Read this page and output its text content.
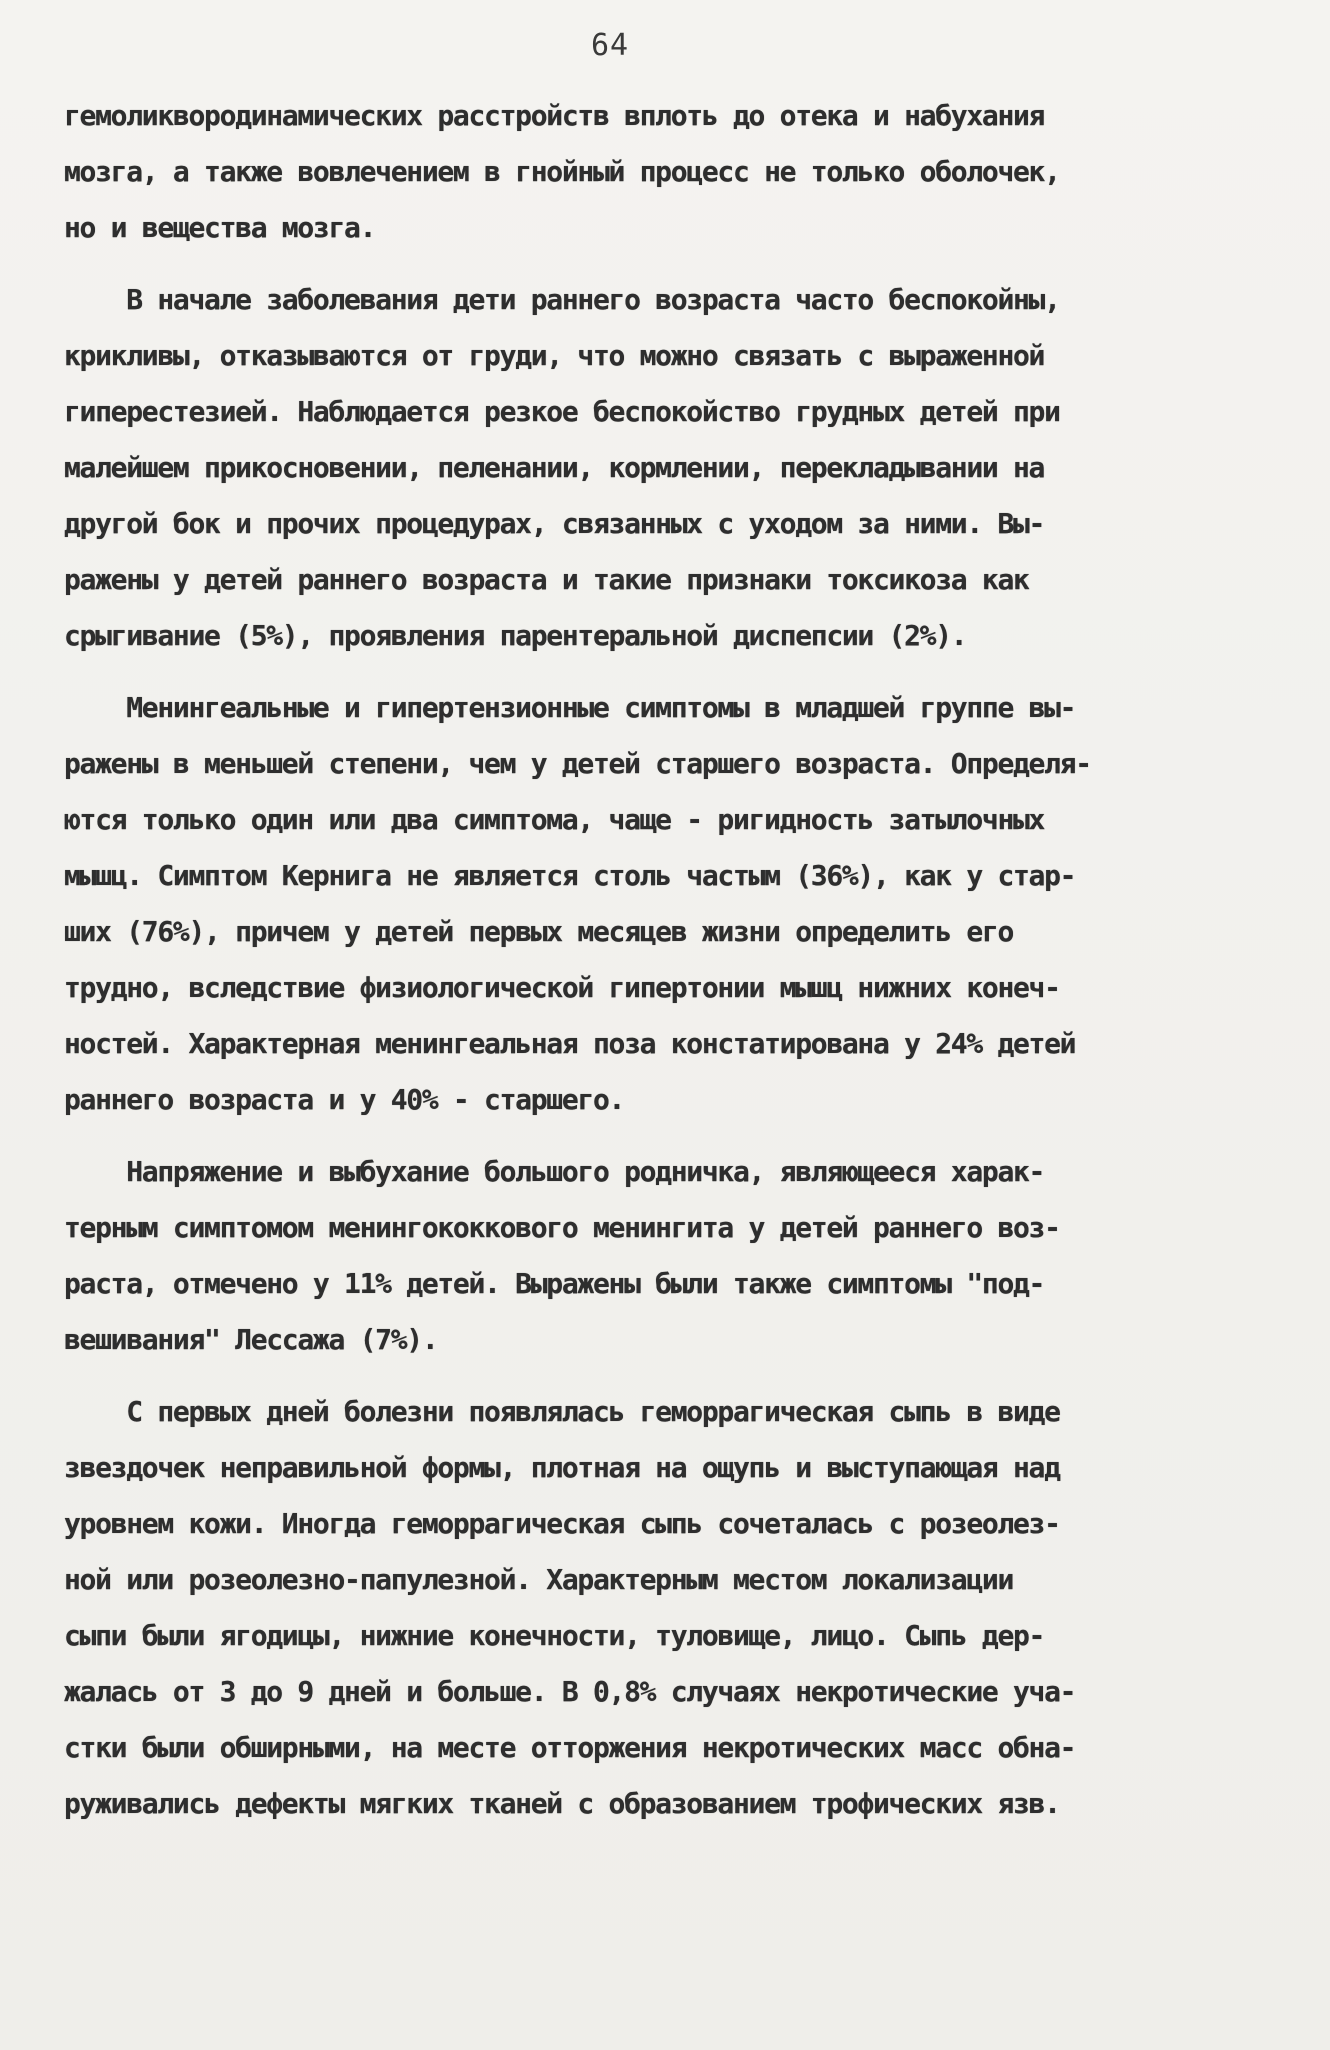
64
гемоликвородинамических расстройств вплоть до отека и набухания
мозга, а также вовлечением в гнойный процесс не только оболочек,
но и вещества мозга.
В начале заболевания дети раннего возраста часто беспокойны,
крикливы, отказываются от груди, что можно связать с выраженной
гиперестезией. Наблюдается резкое беспокойство грудных детей при
малейшем прикосновении, пеленании, кормлении, перекладывании на
другой бок и прочих процедурах, связанных с уходом за ними. Вы-
ражены у детей раннего возраста и такие признаки токсикоза как
срыгивание (5%), проявления парентеральной диспепсии (2%).
Менингеальные и гипертензионные симптомы в младшей группе вы-
ражены в меньшей степени, чем у детей старшего возраста. Определя-
ются только один или два симптома, чаще - ригидность затылочных
мышц. Симптом Кернига не является столь частым (36%), как у стар-
ших (76%), причем у детей первых месяцев жизни определить его
трудно, вследствие физиологической гипертонии мышц нижних конеч-
ностей. Характерная менингеальная поза констатирована у 24% детей
раннего возраста и у 40% - старшего.
Напряжение и выбухание большого родничка, являющееся харак-
терным симптомом менингококкового менингита у детей раннего воз-
раста, отмечено у 11% детей. Выражены были также симптомы "под-
вешивания" Лессажа (7%).
С первых дней болезни появлялась геморрагическая сыпь в виде
звездочек неправильной формы, плотная на ощупь и выступающая над
уровнем кожи. Иногда геморрагическая сыпь сочеталась с розеолез-
ной или розеолезно-папулезной. Характерным местом локализации
сыпи были ягодицы, нижние конечности, туловище, лицо. Сыпь дер-
жалась от 3 до 9 дней и больше. В 0,8% случаях некротические уча-
стки были обширными, на месте отторжения некротических масс обна-
руживались дефекты мягких тканей с образованием трофических язв.
